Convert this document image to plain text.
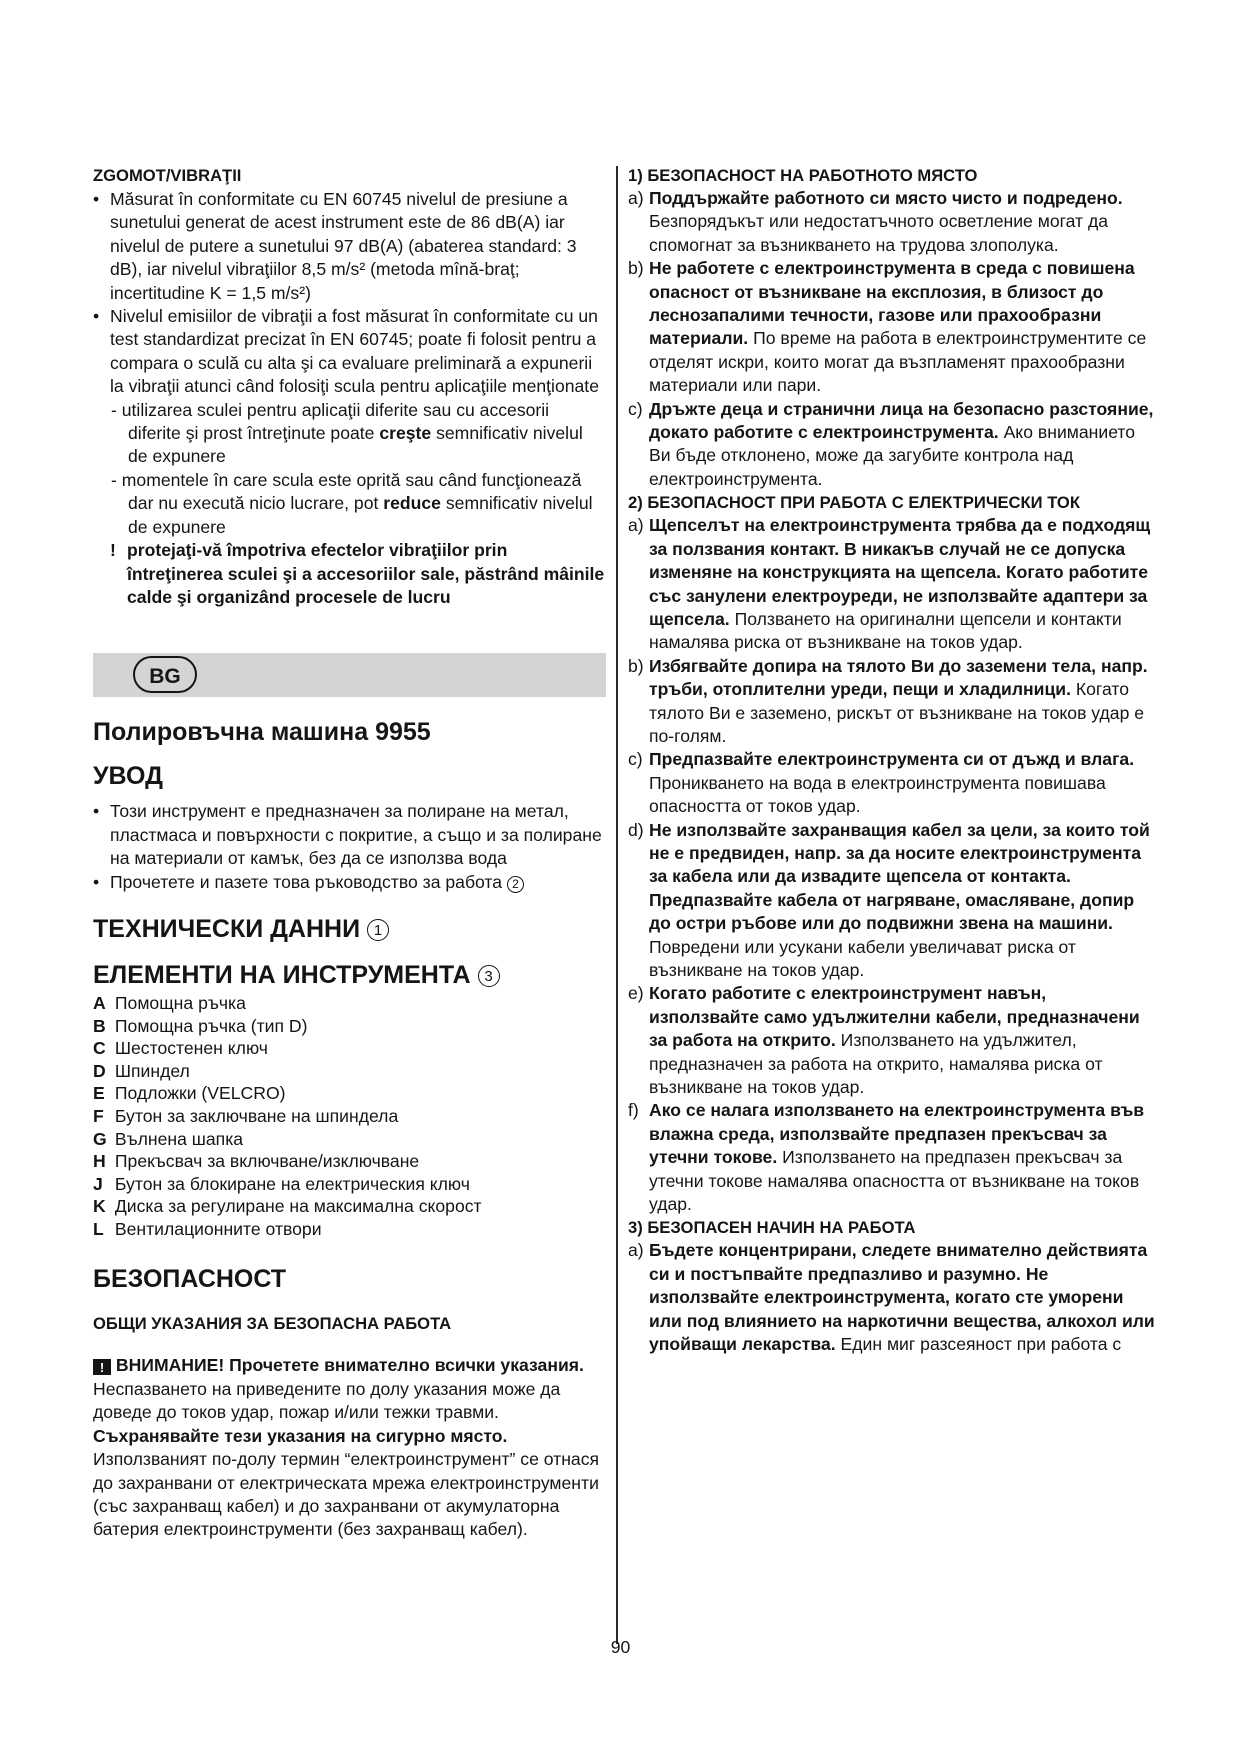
ZGOMOT/VIBRAŢII
• Măsurat în conformitate cu EN 60745 nivelul de presiune a sunetului generat de acest instrument este de 86 dB(A) iar nivelul de putere a sunetului 97 dB(A) (abaterea standard: 3 dB), iar nivelul vibraţiilor 8,5 m/s² (metoda mînă-braţ; incertitudine K = 1,5 m/s²)
• Nivelul emisiilor de vibraţii a fost măsurat în conformitate cu un test standardizat precizat în EN 60745; poate fi folosit pentru a compara o sculă cu alta şi ca evaluare preliminară a expunerii la vibraţii atunci când folosiţi scula pentru aplicaţiile menţionate
- utilizarea sculei pentru aplicaţii diferite sau cu accesorii diferite şi prost întreţinute poate creşte semnificativ nivelul de expunere
- momentele în care scula este oprită sau când funcţionează dar nu execută nicio lucrare, pot reduce semnificativ nivelul de expunere
! protejaţi-vă împotriva efectelor vibraţiilor prin întreţinerea sculei şi a accesoriilor sale, păstrând mâinile calde şi organizând procesele de lucru
BG
Полировъчна машина 9955
УВОД
• Този инструмент е предназначен за полиране на метал, пластмаса и повърхности с покритие, а също и за полиране на материали от камък, без да се използва вода
• Прочетете и пазете това ръководство за работа 2
ТЕХНИЧЕСКИ ДАННИ 1
ЕЛЕМЕНТИ НА ИНСТРУМЕНТА 3
A Помощна ръчка
B Помощна ръчка (тип D)
C Шестостенен ключ
D Шпиндел
E Подложки (VELCRO)
F Бутон за заключване на шпиндела
G Вълнена шапка
H Прекъсвач за включване/изключване
J Бутон за блокиране на електрическия ключ
K Диска за регулиране на максимална скорост
L Вентилационните отвори
БЕЗОПАСНОСТ
ОБЩИ УКАЗАНИЯ ЗА БЕЗОПАСНА РАБОТА
! ВНИМАНИЕ! Прочетете внимателно всички указания. Неспазването на приведените по долу указания може да доведе до токов удар, пожар и/или тежки травми. Съхранявайте тези указания на сигурно място. Използваният по-долу термин “електроинструмент” се отнася до захранвани от електрическата мрежа електроинструменти (със захранващ кабел) и до захранвани от акумулаторна батерия електроинструменти (без захранващ кабел).
1) БЕЗОПАСНОСТ НА РАБОТНОТО МЯСТО
a) Поддържайте работното си място чисто и подредено. Безпорядъкът или недостатъчното осветление могат да спомогнат за възникването на трудова злополука.
b) Не работете с електроинструмента в среда с повишена опасност от възникване на експлозия, в близост до леснозапалими течности, газове или прахообразни материали. По време на работа в електроинструментите се отделят искри, които могат да възпламенят прахообразни материали или пари.
c) Дръжте деца и странични лица на безопасно разстояние, докато работите с електроинструмента. Ако вниманието Ви бъде отклонено, може да загубите контрола над електроинструмента.
2) БЕЗОПАСНОСТ ПРИ РАБОТА С ЕЛЕКТРИЧЕСКИ ТОК
a) Щепселът на електроинструмента трябва да е подходящ за ползвания контакт. В никакъв случай не се допуска изменяне на конструкцията на щепсела. Когато работите със занулени електроуреди, не използвайте адаптери за щепсела. Ползването на оригинални щепсели и контакти намалява риска от възникване на токов удар.
b) Избягвайте допира на тялото Ви до заземени тела, напр. тръби, отоплителни уреди, пещи и хладилници. Когато тялото Ви е заземено, рискът от възникване на токов удар е по-голям.
c) Предпазвайте електроинструмента си от дъжд и влага. Проникването на вода в електроинструмента повишава опасността от токов удар.
d) Не използвайте захранващия кабел за цели, за които той не е предвиден, напр. за да носите електроинструмента за кабела или да извадите щепсела от контакта. Предпазвайте кабела от нагряване, омасляване, допир до остри ръбове или до подвижни звена на машини. Повредени или усукани кабели увеличават риска от възникване на токов удар.
e) Когато работите с електроинструмент навън, използвайте само удължителни кабели, предназначени за работа на открито. Използването на удължител, предназначен за работа на открито, намалява риска от възникване на токов удар.
f) Ако се налага използването на електроинструмента във влажна среда, използвайте предпазен прекъсвач за утечни токове. Използването на предпазен прекъсвач за утечни токове намалява опасността от възникване на токов удар.
3) БЕЗОПАСЕН НАЧИН НА РАБОТА
a) Бъдете концентрирани, следете внимателно действията си и постъпвайте предпазливо и разумно. Не използвайте електроинструмента, когато сте уморени или под влиянието на наркотични вещества, алкохол или упойващи лекарства. Един миг разсеяност при работа с
90
